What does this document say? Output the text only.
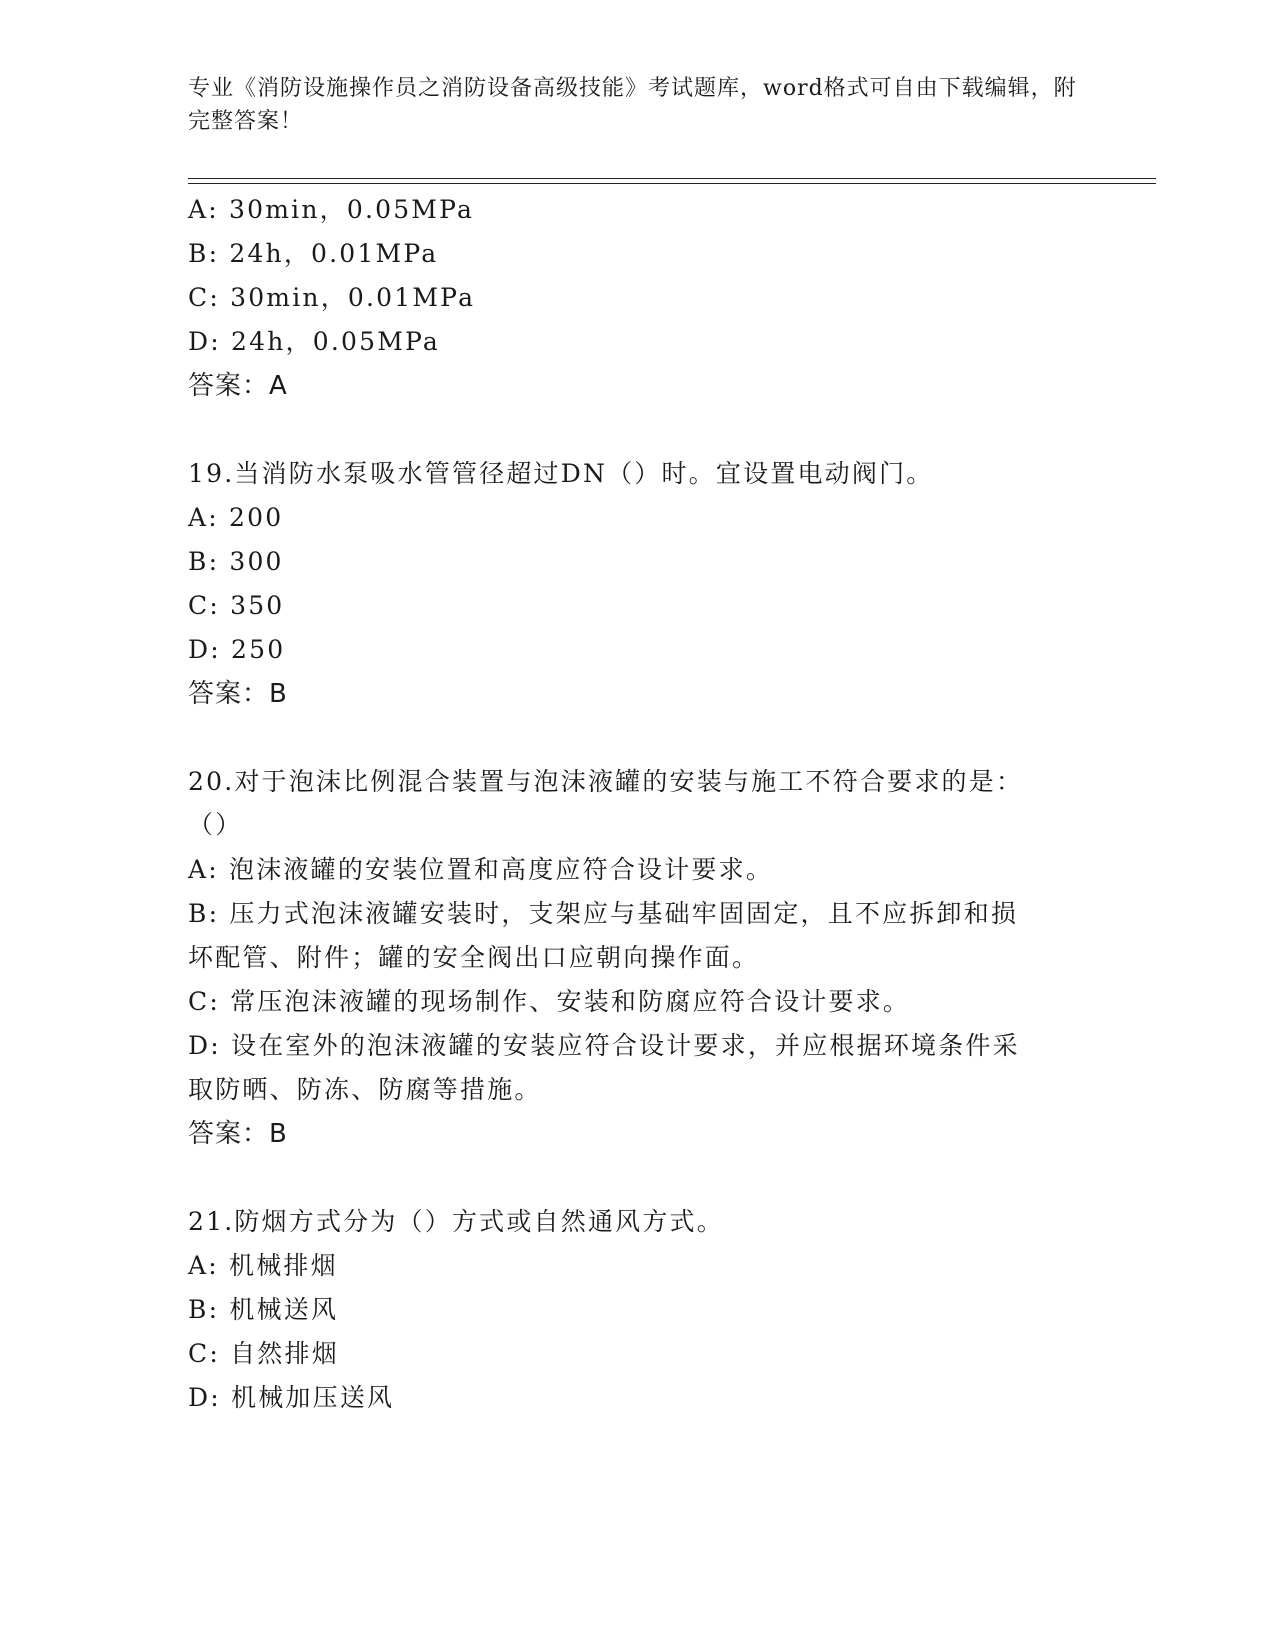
专业《消防设施操作员之消防设备高级技能》考试题库，word格式可自由下载编辑，附完整答案！
A: 30min，0.05MPa
B: 24h，0.01MPa
C: 30min，0.01MPa
D: 24h，0.05MPa
答案：A
19.当消防水泵吸水管管径超过DN（）时。宜设置电动阀门。
A: 200
B: 300
C: 350
D: 250
答案：B
20.对于泡沫比例混合装置与泡沫液罐的安装与施工不符合要求的是：
（）
A: 泡沫液罐的安装位置和高度应符合设计要求。
B: 压力式泡沫液罐安装时，支架应与基础牢固固定，且不应拆卸和损
坏配管、附件；罐的安全阀出口应朝向操作面。
C: 常压泡沫液罐的现场制作、安装和防腐应符合设计要求。
D: 设在室外的泡沫液罐的安装应符合设计要求，并应根据环境条件采
取防晒、防冻、防腐等措施。
答案：B
21.防烟方式分为（）方式或自然通风方式。
A: 机械排烟
B: 机械送风
C: 自然排烟
D: 机械加压送风
